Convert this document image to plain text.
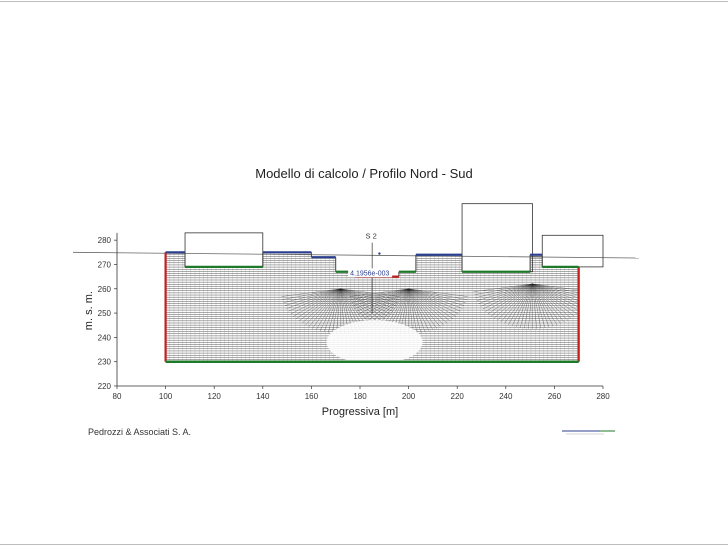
Modello di calcolo / Profilo Nord - Sud
80	100	120	140	160	180	200	220	240	260	280
220
230
240
250
260
270
280
Progressiva [m]
m. s. m.
S 2
4.1956e-003
Pedrozzi & Associati S. A.
